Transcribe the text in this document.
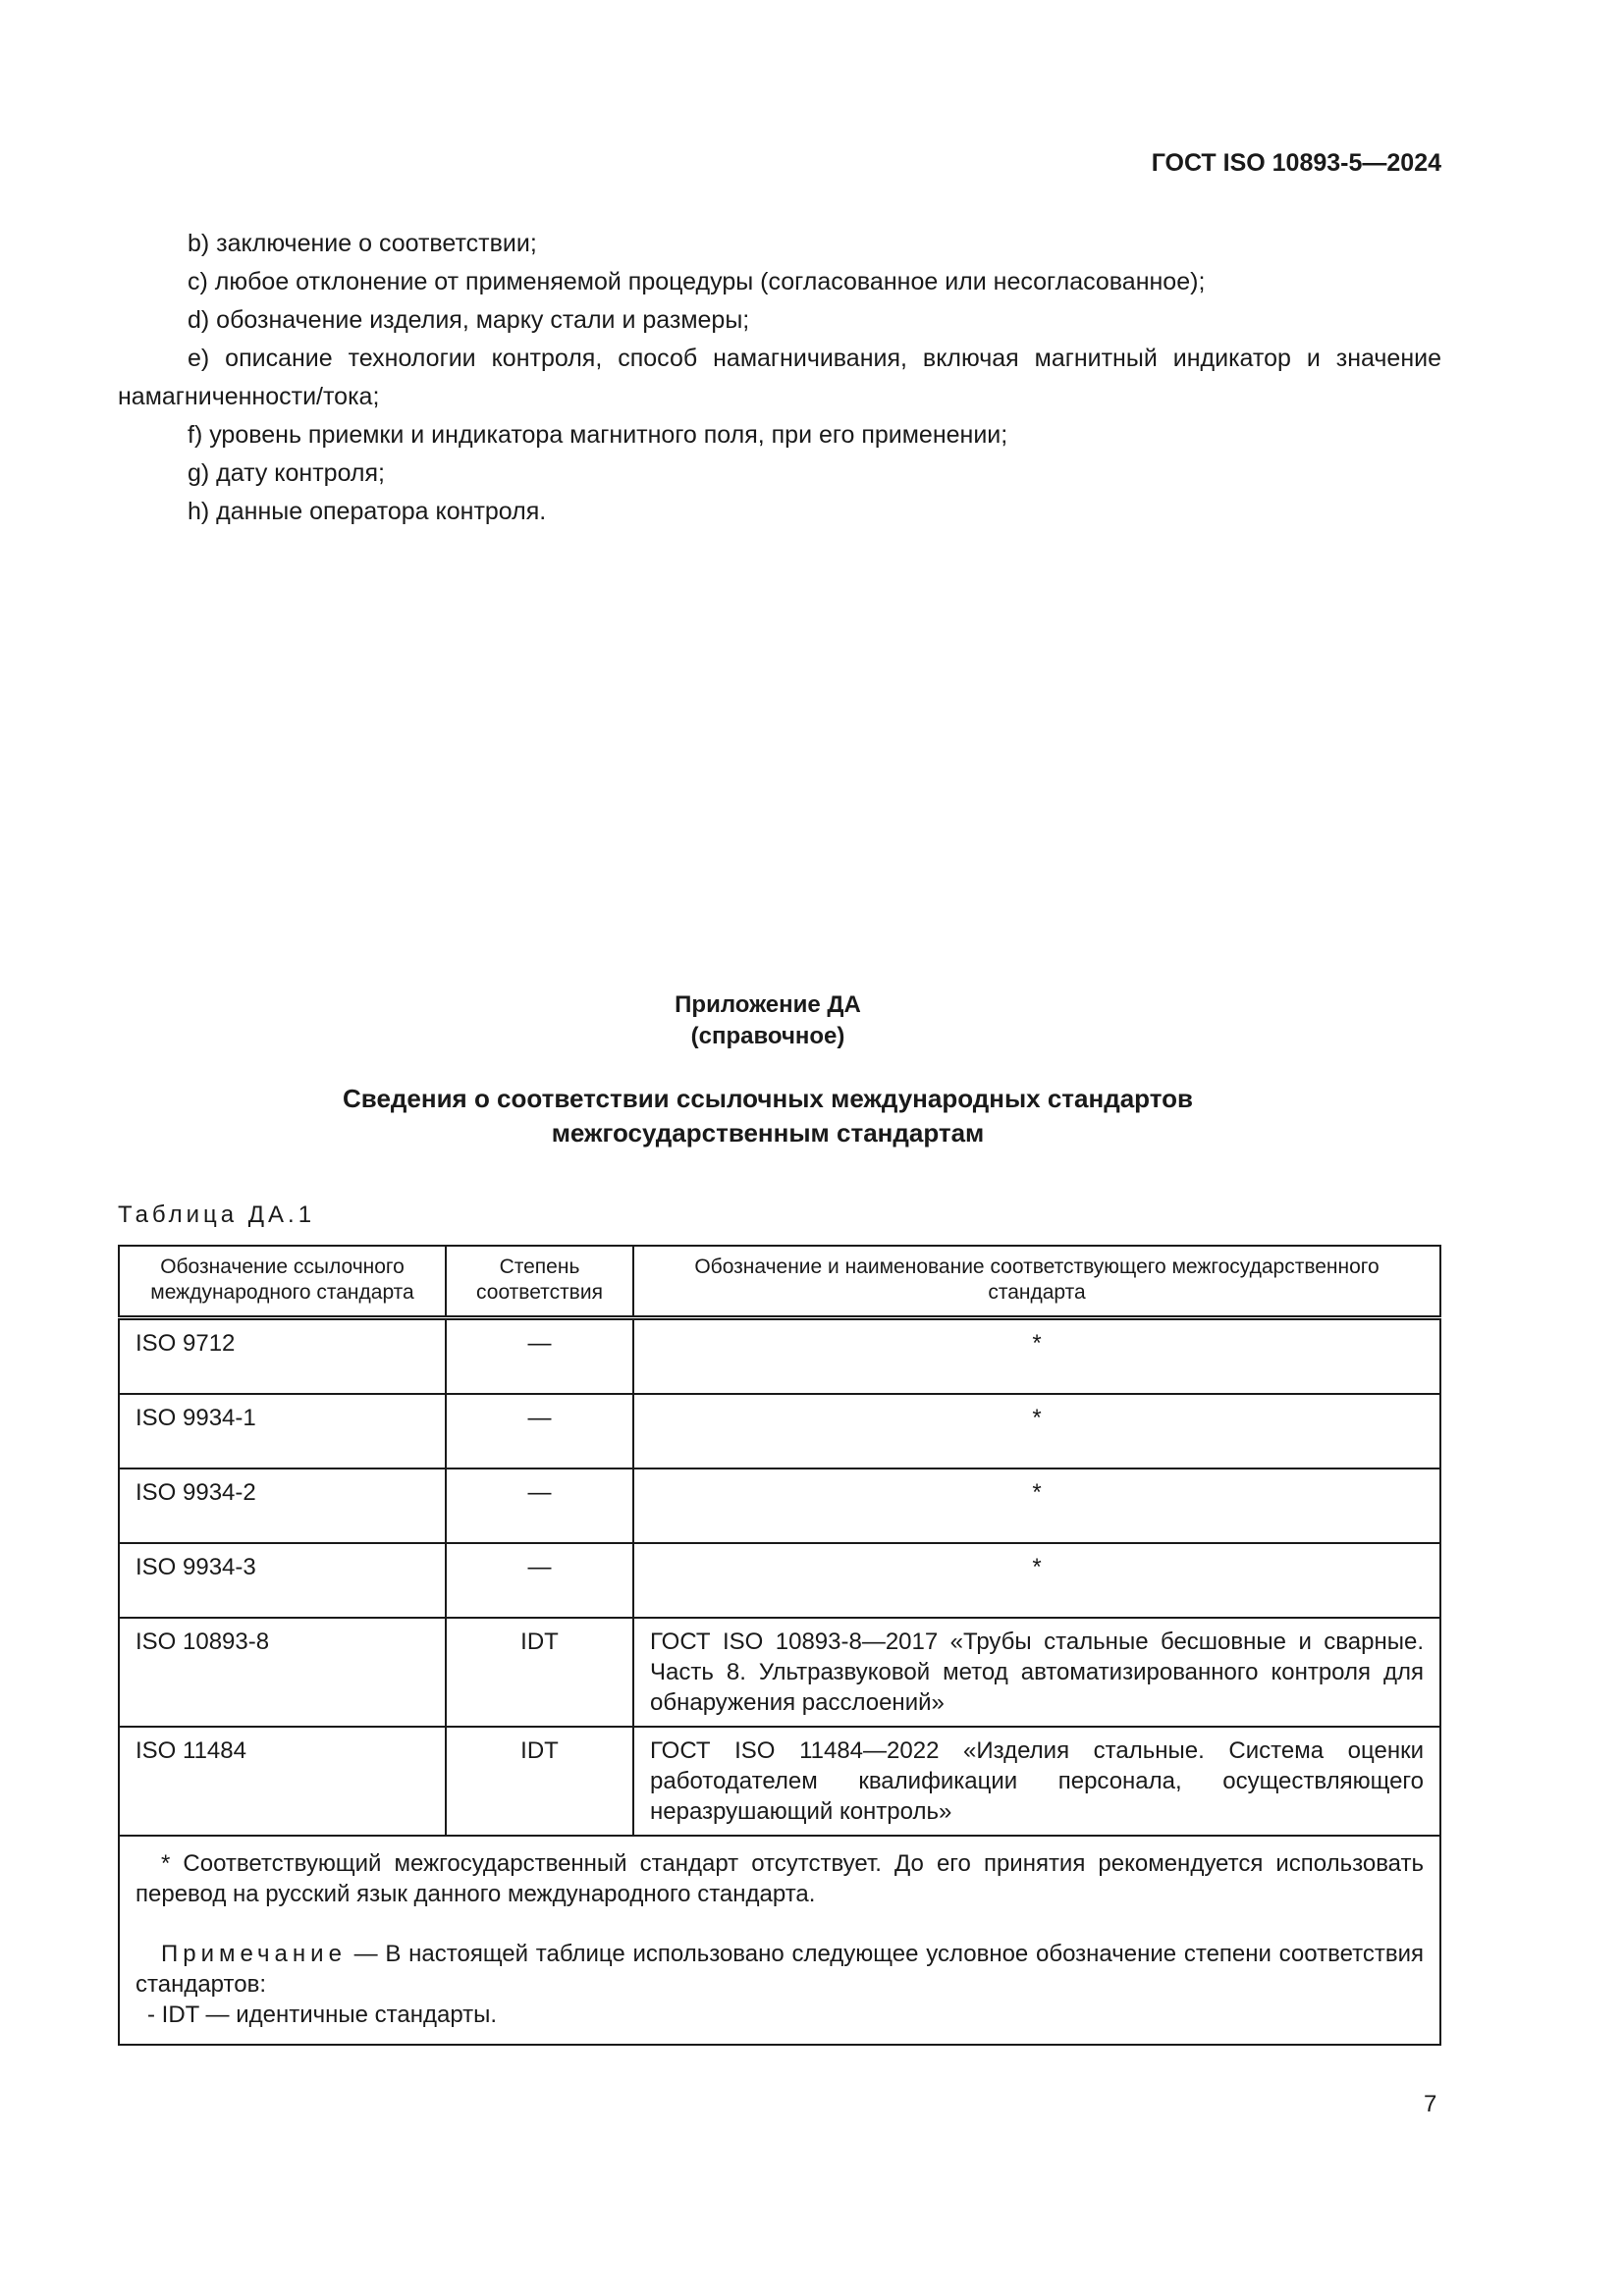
ГОСТ ISO 10893-5—2024
b) заключение о соответствии;
c) любое отклонение от применяемой процедуры (согласованное или несогласованное);
d) обозначение изделия, марку стали и размеры;
e) описание технологии контроля, способ намагничивания, включая магнитный индикатор и значение намагниченности/тока;
f) уровень приемки и индикатора магнитного поля, при его применении;
g) дату контроля;
h) данные оператора контроля.
Приложение ДА
(справочное)
Сведения о соответствии ссылочных международных стандартов
межгосударственным стандартам
Таблица ДА.1
Обозначение ссылочного международного стандарта	Степень соответствия	Обозначение и наименование соответствующего межгосударственного стандарта
ISO 9712	—	*
ISO 9934-1	—	*
ISO 9934-2	—	*
ISO 9934-3	—	*
ISO 10893-8	IDT	ГОСТ ISO 10893-8—2017 «Трубы стальные бесшовные и сварные. Часть 8. Ультразвуковой метод автоматизированного контроля для обнаружения расслоений»
ISO 11484	IDT	ГОСТ ISO 11484—2022 «Изделия стальные. Система оценки работодателем квалификации персонала, осуществляющего неразрушающий контроль»

* Соответствующий межгосударственный стандарт отсутствует. До его принятия рекомендуется использовать перевод на русский язык данного международного стандарта.
Примечание — В настоящей таблице использовано следующее условное обозначение степени соответствия стандартов:
- IDT — идентичные стандарты.		
7
